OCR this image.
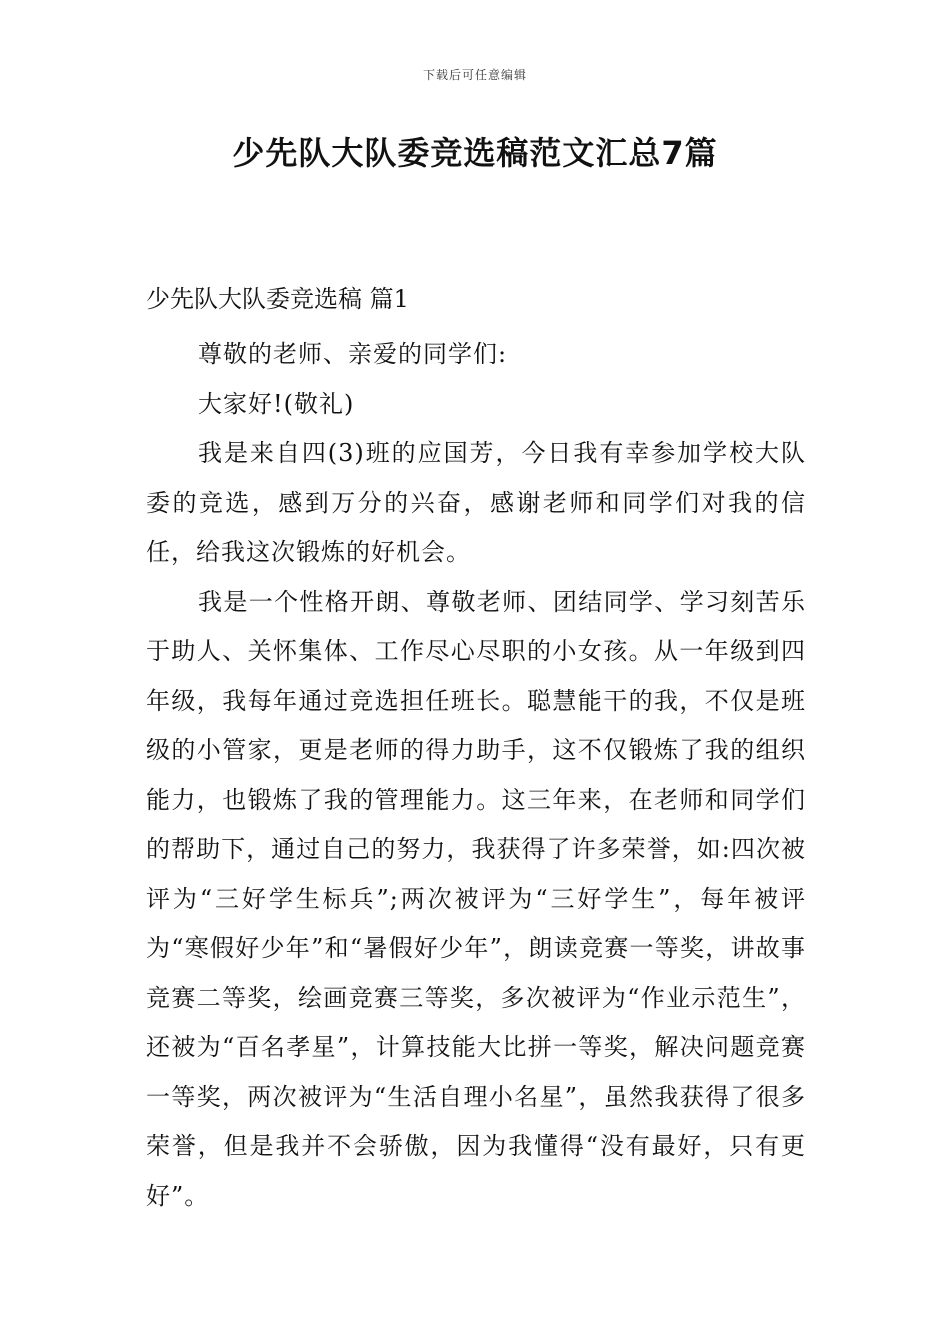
下载后可任意编辑
少先队大队委竞选稿范文汇总7篇
少先队大队委竞选稿 篇1

尊敬的老师、亲爱的同学们:

大家好!(敬礼)

我是来自四(3)班的应国芳，今日我有幸参加学校大队委的竞选，感到万分的兴奋，感谢老师和同学们对我的信任，给我这次锻炼的好机会。

我是一个性格开朗、尊敬老师、团结同学、学习刻苦乐于助人、关怀集体、工作尽心尽职的小女孩。从一年级到四年级，我每年通过竞选担任班长。聪慧能干的我，不仅是班级的小管家，更是老师的得力助手，这不仅锻炼了我的组织能力，也锻炼了我的管理能力。这三年来，在老师和同学们的帮助下，通过自己的努力，我获得了许多荣誉，如:四次被评为“三好学生标兵”;两次被评为“三好学生”，每年被评为“寒假好少年”和“暑假好少年”，朗读竞赛一等奖，讲故事竞赛二等奖，绘画竞赛三等奖，多次被评为“作业示范生”，还被为“百名孝星”，计算技能大比拼一等奖，解决问题竞赛一等奖，两次被评为“生活自理小名星”，虽然我获得了很多荣誉，但是我并不会骄傲，因为我懂得“没有最好，只有更好”。
